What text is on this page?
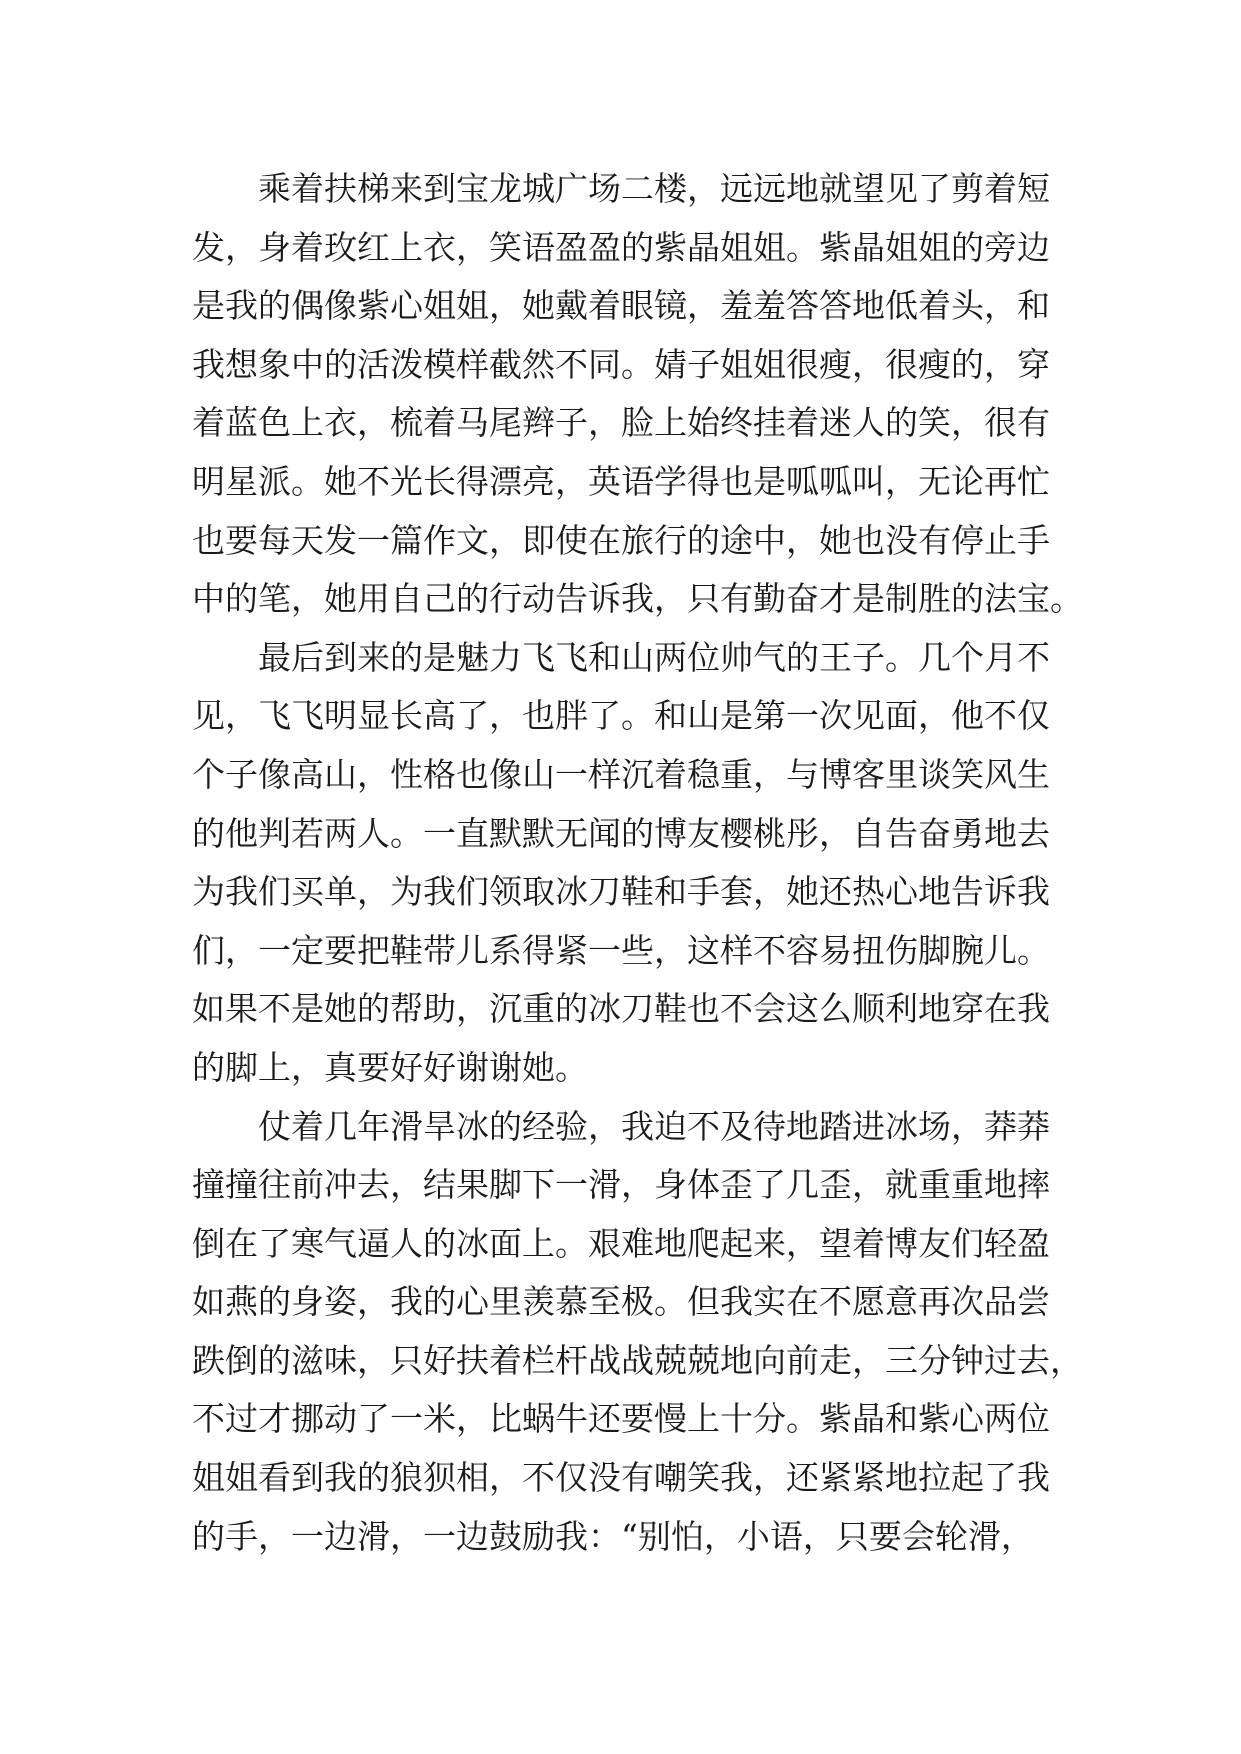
　　乘着扶梯来到宝龙城广场二楼，远远地就望见了剪着短
发，身着玫红上衣，笑语盈盈的紫晶姐姐。紫晶姐姐的旁边
是我的偶像紫心姐姐，她戴着眼镜，羞羞答答地低着头，和
我想象中的活泼模样截然不同。婧子姐姐很瘦，很瘦的，穿
着蓝色上衣，梳着马尾辫子，脸上始终挂着迷人的笑，很有
明星派。她不光长得漂亮，英语学得也是呱呱叫，无论再忙
也要每天发一篇作文，即使在旅行的途中，她也没有停止手
中的笔，她用自己的行动告诉我，只有勤奋才是制胜的法宝。
　　最后到来的是魅力飞飞和山两位帅气的王子。几个月不
见，飞飞明显长高了，也胖了。和山是第一次见面，他不仅
个子像高山，性格也像山一样沉着稳重，与博客里谈笑风生
的他判若两人。一直默默无闻的博友樱桃彤，自告奋勇地去
为我们买单，为我们领取冰刀鞋和手套，她还热心地告诉我
们，一定要把鞋带儿系得紧一些，这样不容易扭伤脚腕儿。
如果不是她的帮助，沉重的冰刀鞋也不会这么顺利地穿在我
的脚上，真要好好谢谢她。
　　仗着几年滑旱冰的经验，我迫不及待地踏进冰场，莽莽
撞撞往前冲去，结果脚下一滑，身体歪了几歪，就重重地摔
倒在了寒气逼人的冰面上。艰难地爬起来，望着博友们轻盈
如燕的身姿，我的心里羡慕至极。但我实在不愿意再次品尝
跌倒的滋味，只好扶着栏杆战战兢兢地向前走，三分钟过去，
不过才挪动了一米，比蜗牛还要慢上十分。紫晶和紫心两位
姐姐看到我的狼狈相，不仅没有嘲笑我，还紧紧地拉起了我
的手，一边滑，一边鼓励我：“别怕，小语，只要会轮滑，
